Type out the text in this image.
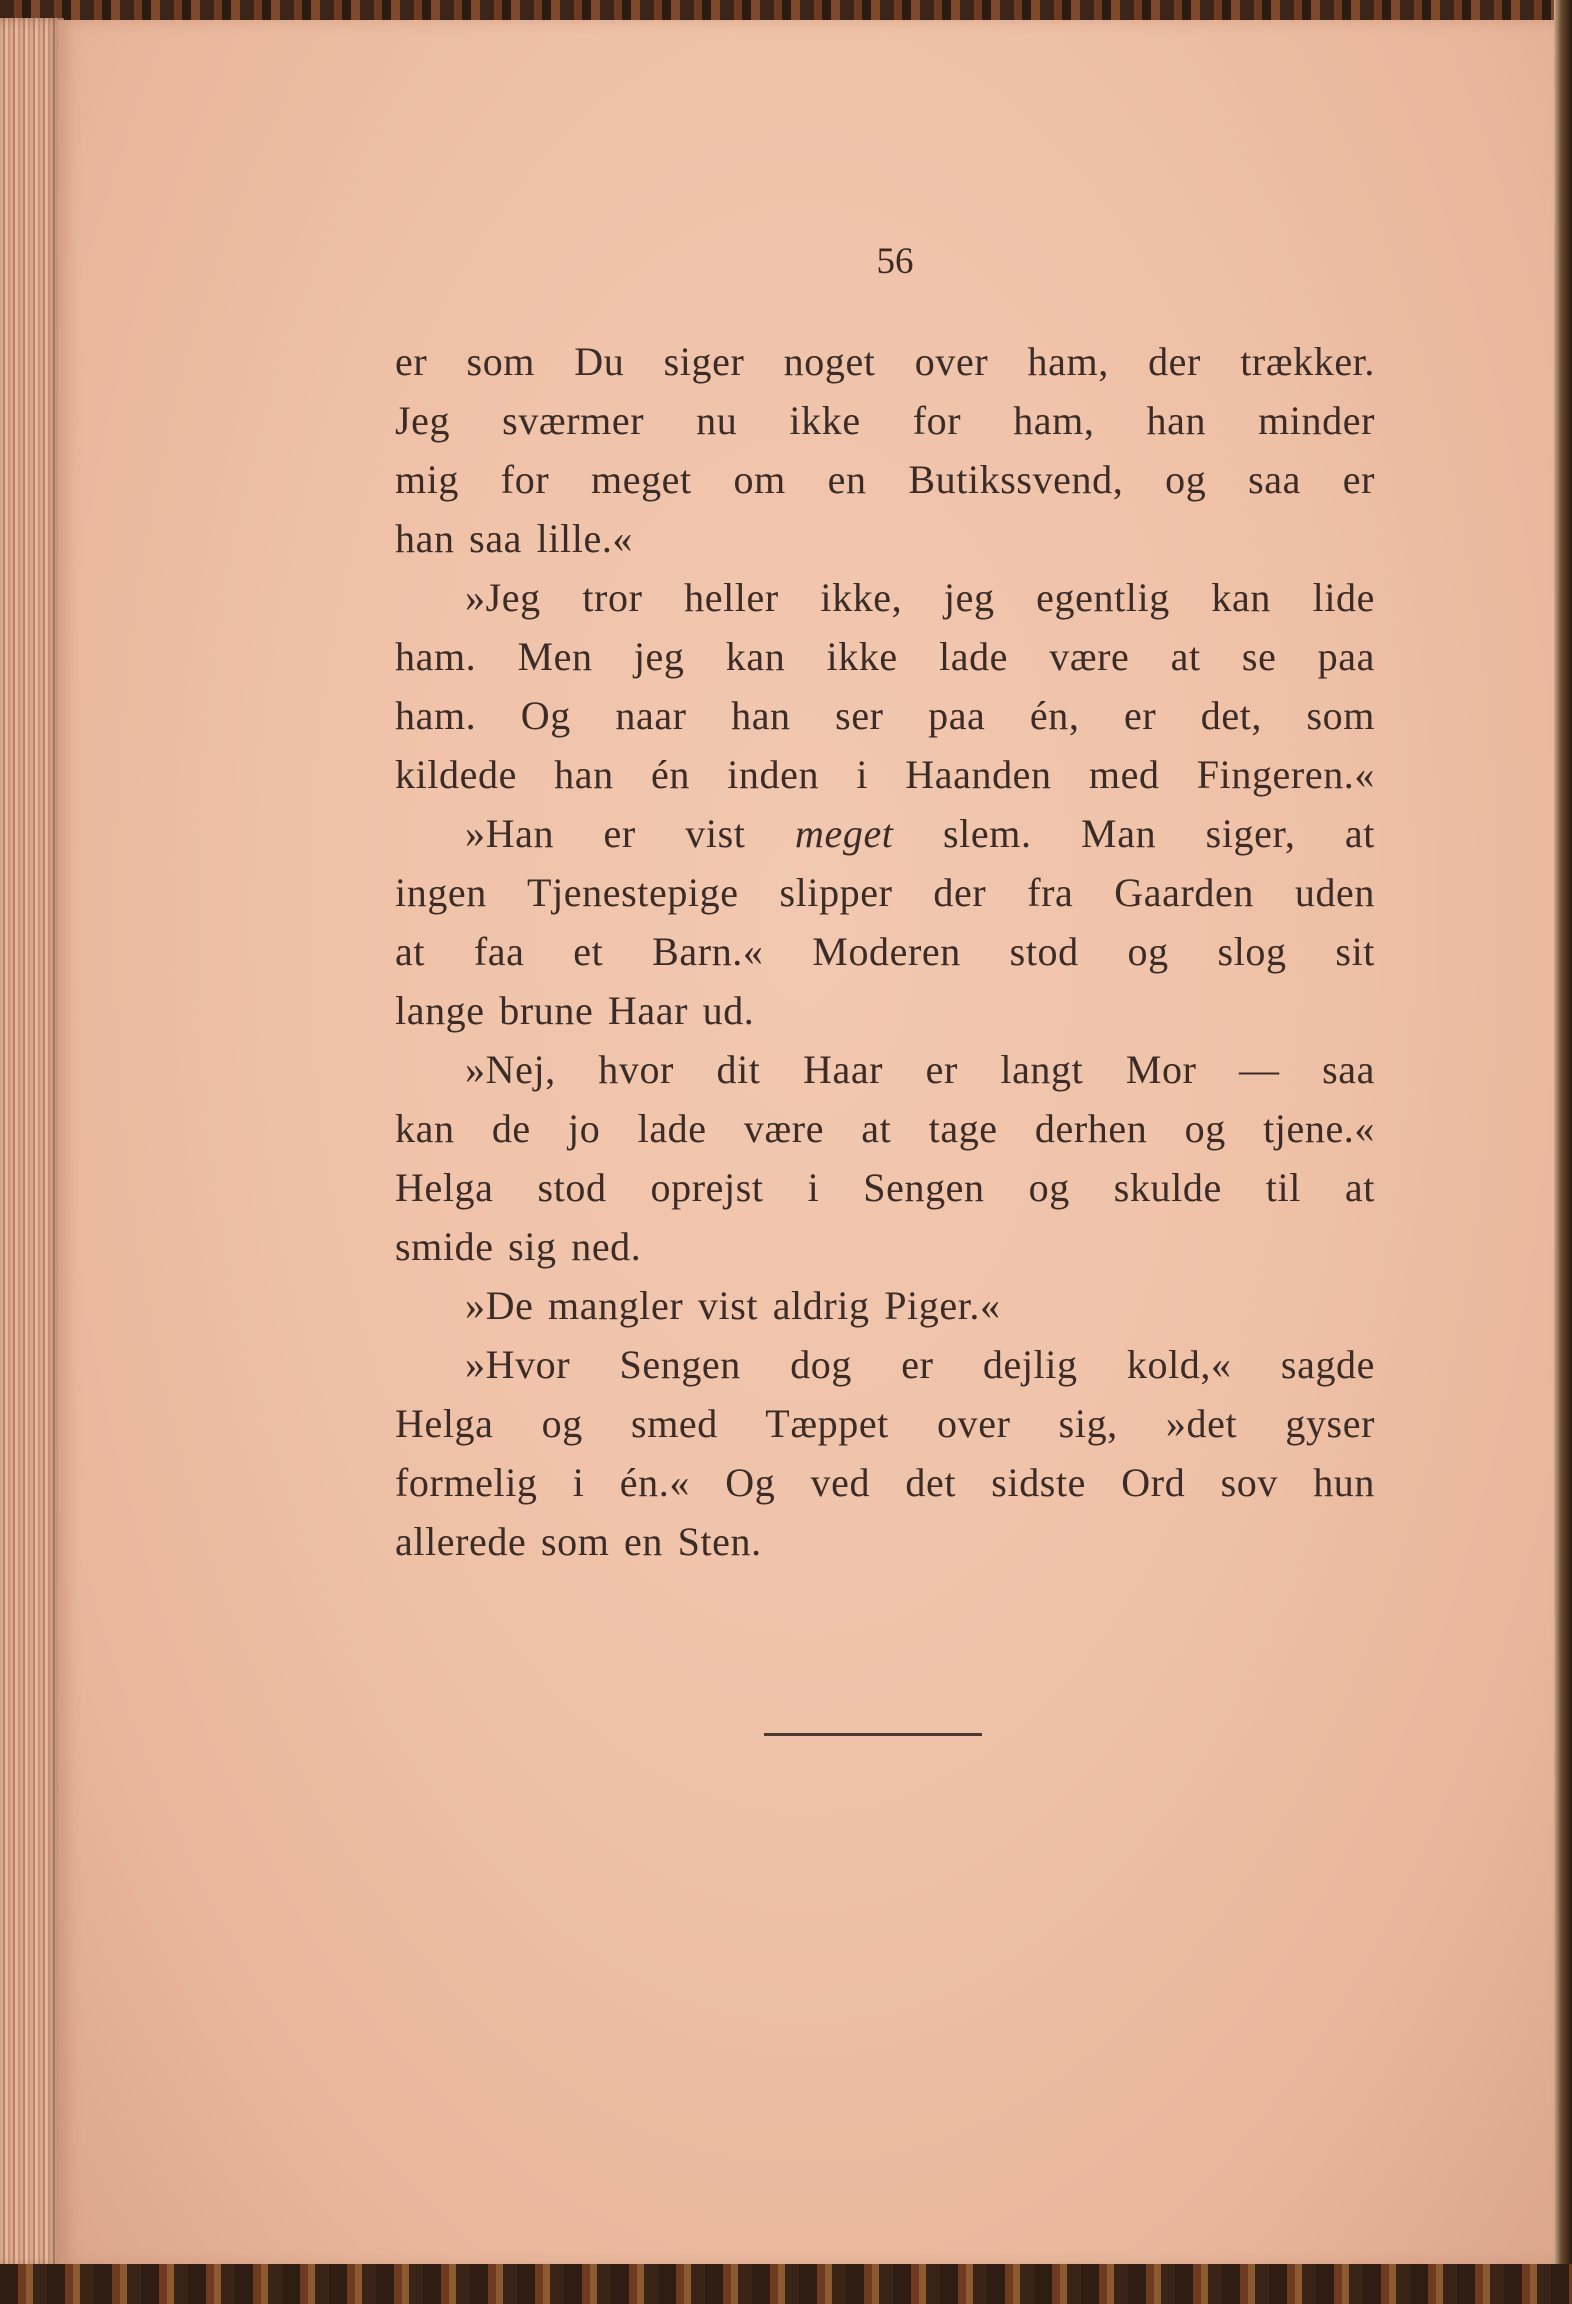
56
er som Du siger noget over ham, der trækker.
Jeg sværmer nu ikke for ham, han minder
mig for meget om en Butikssvend, og saa er
han saa lille.«
»Jeg tror heller ikke, jeg egentlig kan lide
ham. Men jeg kan ikke lade være at se paa
ham. Og naar han ser paa én, er det, som
kildede han én inden i Haanden med Fingeren.«
»Han er vist meget slem. Man siger, at
ingen Tjenestepige slipper der fra Gaarden uden
at faa et Barn.« Moderen stod og slog sit
lange brune Haar ud.
»Nej, hvor dit Haar er langt Mor — saa
kan de jo lade være at tage derhen og tjene.«
Helga stod oprejst i Sengen og skulde til at
smide sig ned.
»De mangler vist aldrig Piger.«
»Hvor Sengen dog er dejlig kold,« sagde
Helga og smed Tæppet over sig, »det gyser
formelig i én.« Og ved det sidste Ord sov hun
allerede som en Sten.
